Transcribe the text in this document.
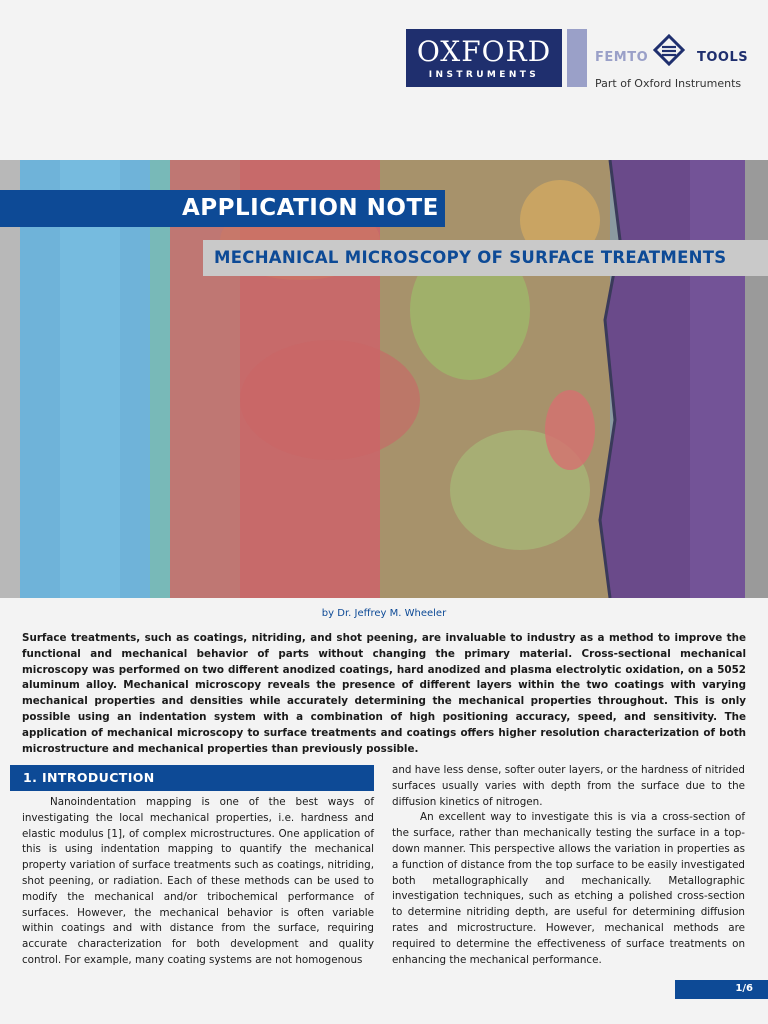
OXFORD
INSTRUMENTS
FEMTO	TOOLS
Part of Oxford Instruments
APPLICATION NOTE
MECHANICAL MICROSCOPY OF SURFACE TREATMENTS
by Dr. Jeffrey M. Wheeler
Surface treatments, such as coatings, nitriding, and shot peening, are invaluable to industry as a method to improve the functional and mechanical behavior of parts without changing the primary material. Cross-sectional mechanical microscopy was performed on two different anodized coatings, hard anodized and plasma electrolytic oxidation, on a 5052 aluminum alloy. Mechanical microscopy reveals the presence of different layers within the two coatings with varying mechanical properties and densities while accurately determining the mechanical properties throughout. This is only possible using an indentation system with a combination of high positioning accuracy, speed, and sensitivity. The application of mechanical microscopy to surface treatments and coatings offers higher resolution characterization of both microstructure and mechanical properties than previously possible.
1. INTRODUCTION

Nanoindentation mapping is one of the best ways of investigating the local mechanical properties, i.e. hardness and elastic modulus [1], of complex microstructures. One application of this is using indentation mapping to quantify the mechanical property variation of surface treatments such as coatings, nitriding, shot peening, or radiation. Each of these methods can be used to modify the mechanical and/or tribochemical performance of surfaces. However, the mechanical behavior is often variable within coatings and with distance from the surface, requiring accurate characterization for both development and quality control. For example, many coating systems are not homogenous

and have less dense, softer outer layers, or the hardness of nitrided surfaces usually varies with depth from the surface due to the diffusion kinetics of nitrogen.

An excellent way to investigate this is via a cross-section of the surface, rather than mechanically testing the surface in a top-down manner. This perspective allows the variation in properties as a function of distance from the top surface to be easily investigated both metallographically and mechanically. Metallographic investigation techniques, such as etching a polished cross-section to determine nitriding depth, are useful for determining diffusion rates and microstructure. However, mechanical methods are required to determine the effectiveness of surface treatments on enhancing the mechanical performance.

1/6
